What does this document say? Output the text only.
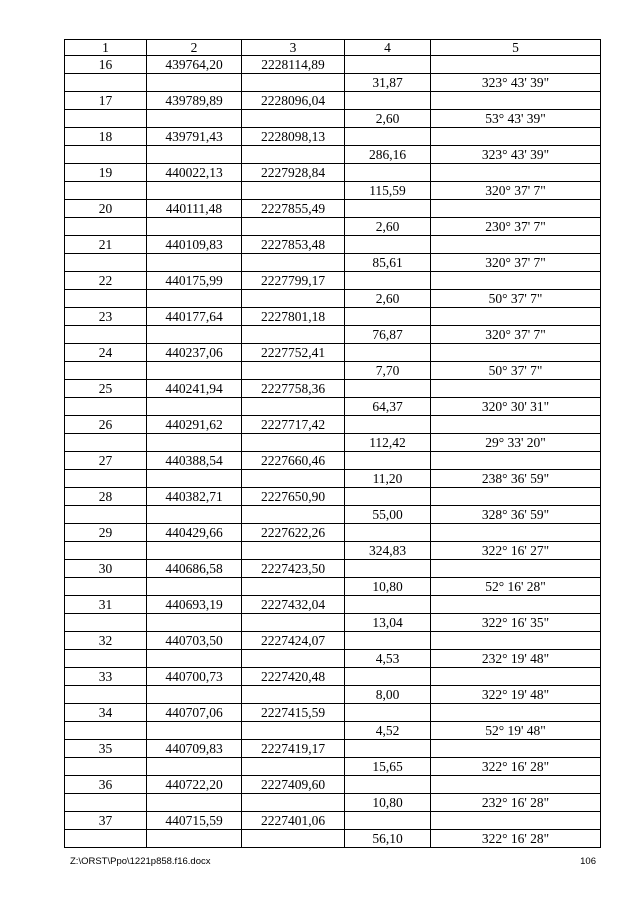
1	2	3	4	5
16	439764,20	2228114,89		
			31,87	323° 43' 39"
17	439789,89	2228096,04		
			2,60	53° 43' 39"
18	439791,43	2228098,13		
			286,16	323° 43' 39"
19	440022,13	2227928,84		
			115,59	320° 37' 7"
20	440111,48	2227855,49		
			2,60	230° 37' 7"
21	440109,83	2227853,48		
			85,61	320° 37' 7"
22	440175,99	2227799,17		
			2,60	50° 37' 7"
23	440177,64	2227801,18		
			76,87	320° 37' 7"
24	440237,06	2227752,41		
			7,70	50° 37' 7"
25	440241,94	2227758,36		
			64,37	320° 30' 31"
26	440291,62	2227717,42		
			112,42	29° 33' 20"
27	440388,54	2227660,46		
			11,20	238° 36' 59"
28	440382,71	2227650,90		
			55,00	328° 36' 59"
29	440429,66	2227622,26		
			324,83	322° 16' 27"
30	440686,58	2227423,50		
			10,80	52° 16' 28"
31	440693,19	2227432,04		
			13,04	322° 16' 35"
32	440703,50	2227424,07		
			4,53	232° 19' 48"
33	440700,73	2227420,48		
			8,00	322° 19' 48"
34	440707,06	2227415,59		
			4,52	52° 19' 48"
35	440709,83	2227419,17		
			15,65	322° 16' 28"
36	440722,20	2227409,60		
			10,80	232° 16' 28"
37	440715,59	2227401,06		
			56,10	322° 16' 28"
Z:\ORST\Ppo\1221p858.f16.docx	106
